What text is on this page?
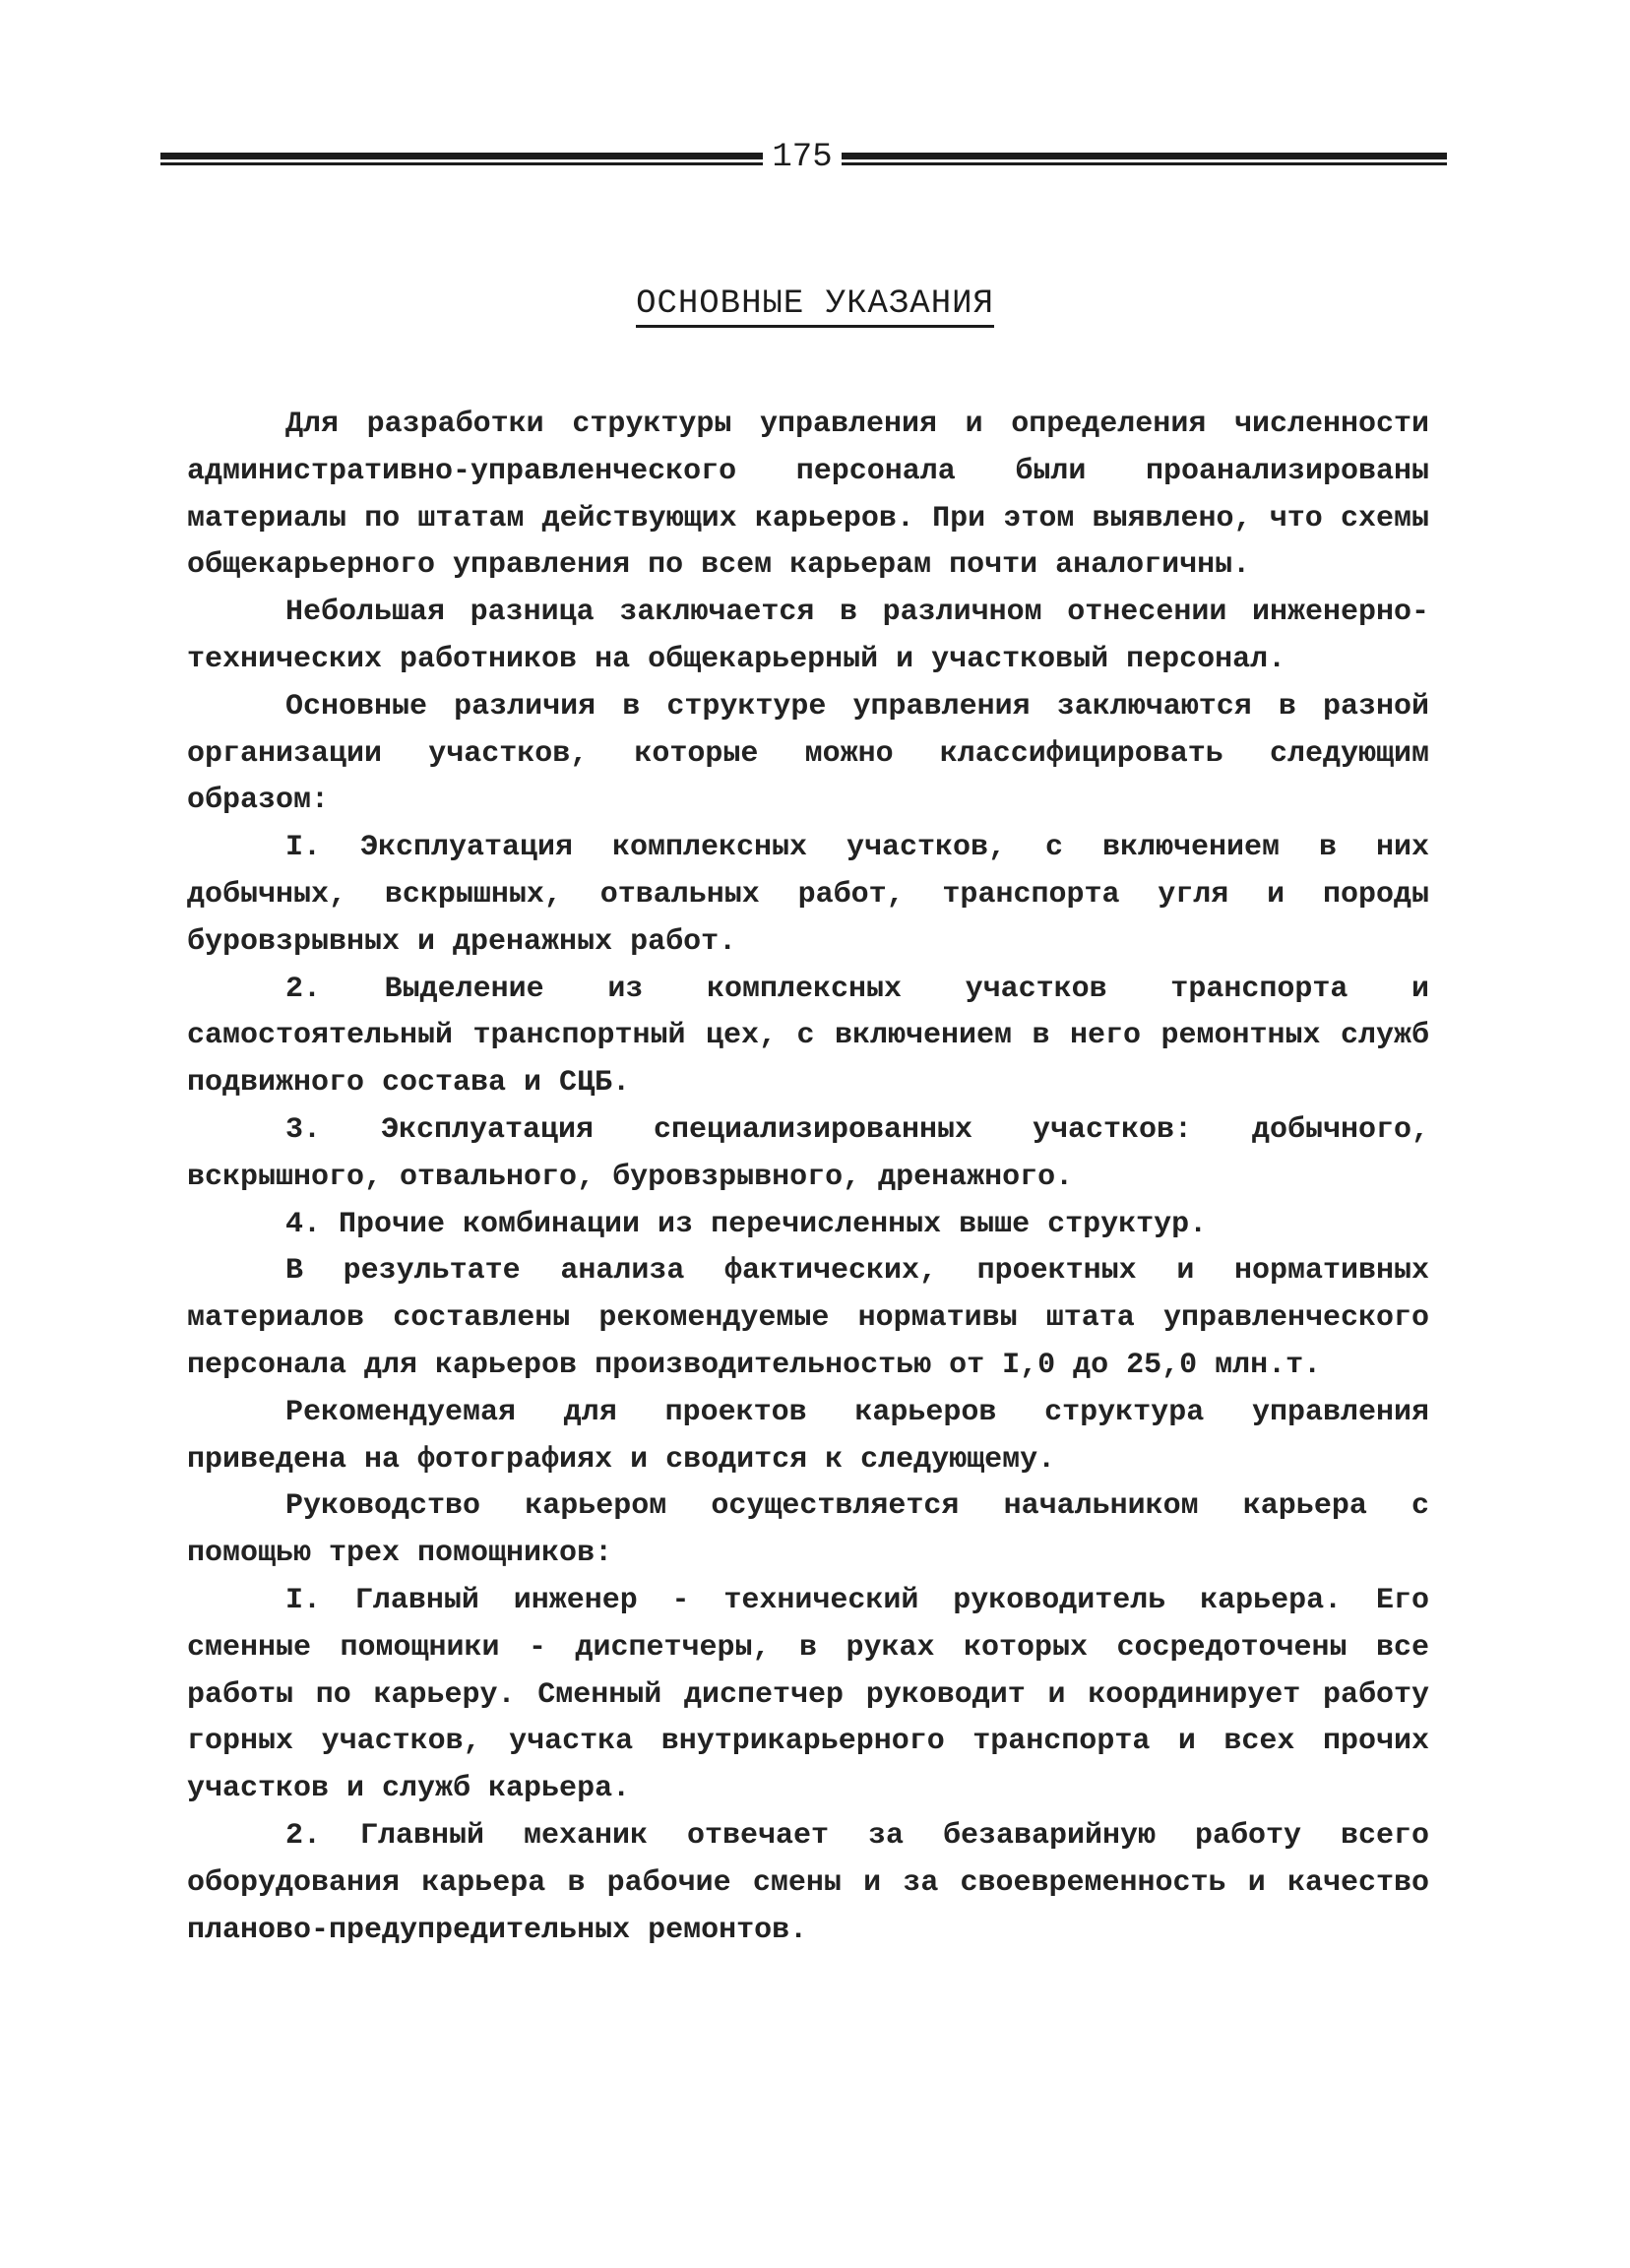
175
ОСНОВНЫЕ УКАЗАНИЯ

Для разработки структуры управления и определения численности административно-управленческого персонала были проанализированы материалы по штатам действующих карьеров. При этом выявлено, что схемы общекарьерного управления по всем карьерам почти аналогичны.

Небольшая разница заключается в различном отнесении инженерно-технических работников на общекарьерный и участковый персонал.

Основные различия в структуре управления заключаются в разной организации участков, которые можно классифицировать следующим образом:

I. Эксплуатация комплексных участков, с включением в них добычных, вскрышных, отвальных работ, транспорта угля и породы буровзрывных и дренажных работ.

2. Выделение из комплексных участков транспорта и самостоятельный транспортный цех, с включением в него ремонтных служб подвижного состава и СЦБ.

3. Эксплуатация специализированных участков: добычного, вскрышного, отвального, буровзрывного, дренажного.

4. Прочие комбинации из перечисленных выше структур.

В результате анализа фактических, проектных и нормативных материалов составлены рекомендуемые нормативы штата управленческого персонала для карьеров производительностью от I,0 до 25,0 млн.т.

Рекомендуемая для проектов карьеров структура управления приведена на фотографиях и сводится к следующему.

Руководство карьером осуществляется начальником карьера с помощью трех помощников:

I. Главный инженер - технический руководитель карьера. Его сменные помощники - диспетчеры, в руках которых сосредоточены все работы по карьеру. Сменный диспетчер руководит и координирует работу горных участков, участка внутрикарьерного транспорта и всех прочих участков и служб карьера.

2. Главный механик отвечает за безаварийную работу всего оборудования карьера в рабочие смены и за своевременность и качество планово-предупредительных ремонтов.
